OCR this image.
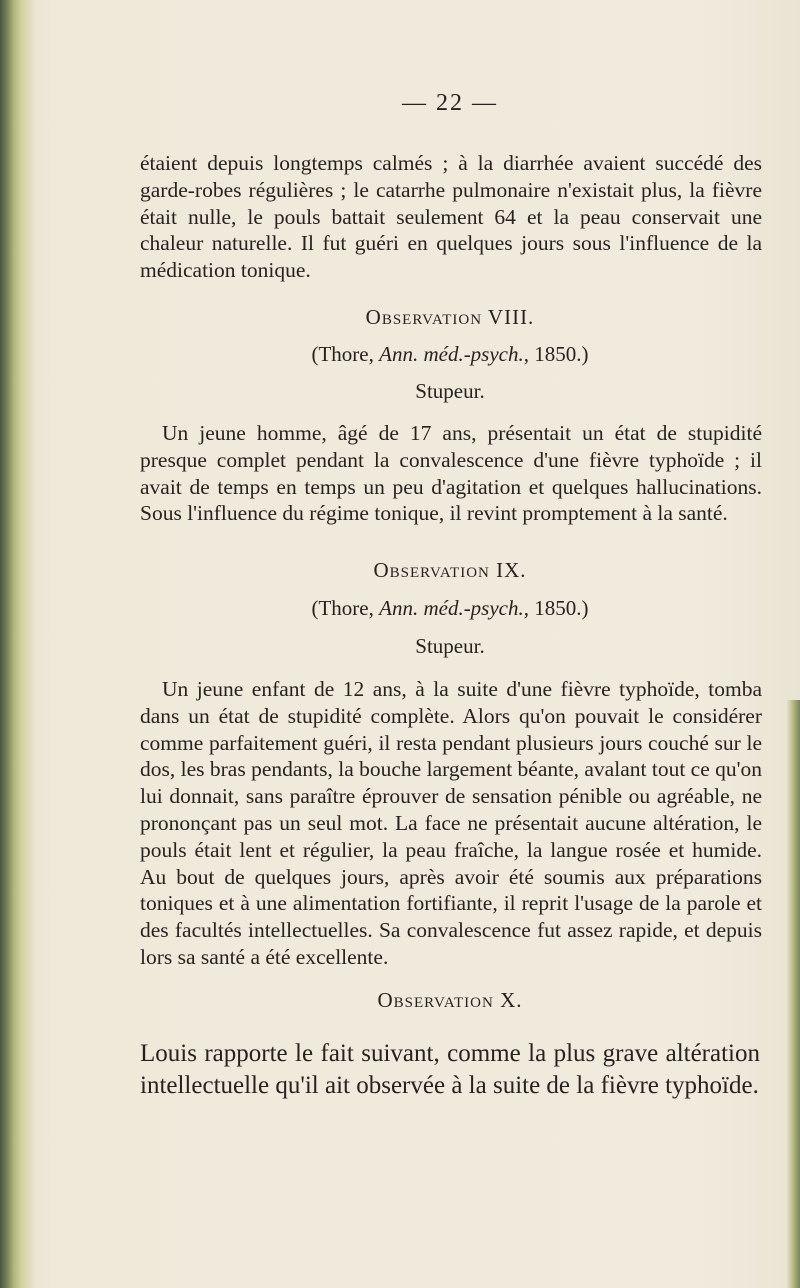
— 22 —

étaient depuis longtemps calmés ; à la diarrhée avaient succédé des garde-robes régulières ; le catarrhe pulmonaire n'existait plus, la fièvre était nulle, le pouls battait seulement 64 et la peau conservait une chaleur naturelle. Il fut guéri en quelques jours sous l'influence de la médication tonique.

Observation VIII.
(Thore, Ann. méd.-psych., 1850.)
Stupeur.

Un jeune homme, âgé de 17 ans, présentait un état de stupidité presque complet pendant la convalescence d'une fièvre typhoïde ; il avait de temps en temps un peu d'agitation et quelques hallucinations. Sous l'influence du régime tonique, il revint promptement à la santé.

Observation IX.
(Thore, Ann. méd.-psych., 1850.)
Stupeur.

Un jeune enfant de 12 ans, à la suite d'une fièvre typhoïde, tomba dans un état de stupidité complète. Alors qu'on pouvait le considérer comme parfaitement guéri, il resta pendant plusieurs jours couché sur le dos, les bras pendants, la bouche largement béante, avalant tout ce qu'on lui donnait, sans paraître éprouver de sensation pénible ou agréable, ne prononçant pas un seul mot. La face ne présentait aucune altération, le pouls était lent et régulier, la peau fraîche, la langue rosée et humide. Au bout de quelques jours, après avoir été soumis aux préparations toniques et à une alimentation fortifiante, il reprit l'usage de la parole et des facultés intellectuelles. Sa convalescence fut assez rapide, et depuis lors sa santé a été excellente.

Observation X.

Louis rapporte le fait suivant, comme la plus grave altération intellectuelle qu'il ait observée à la suite de la fièvre typhoïde.
